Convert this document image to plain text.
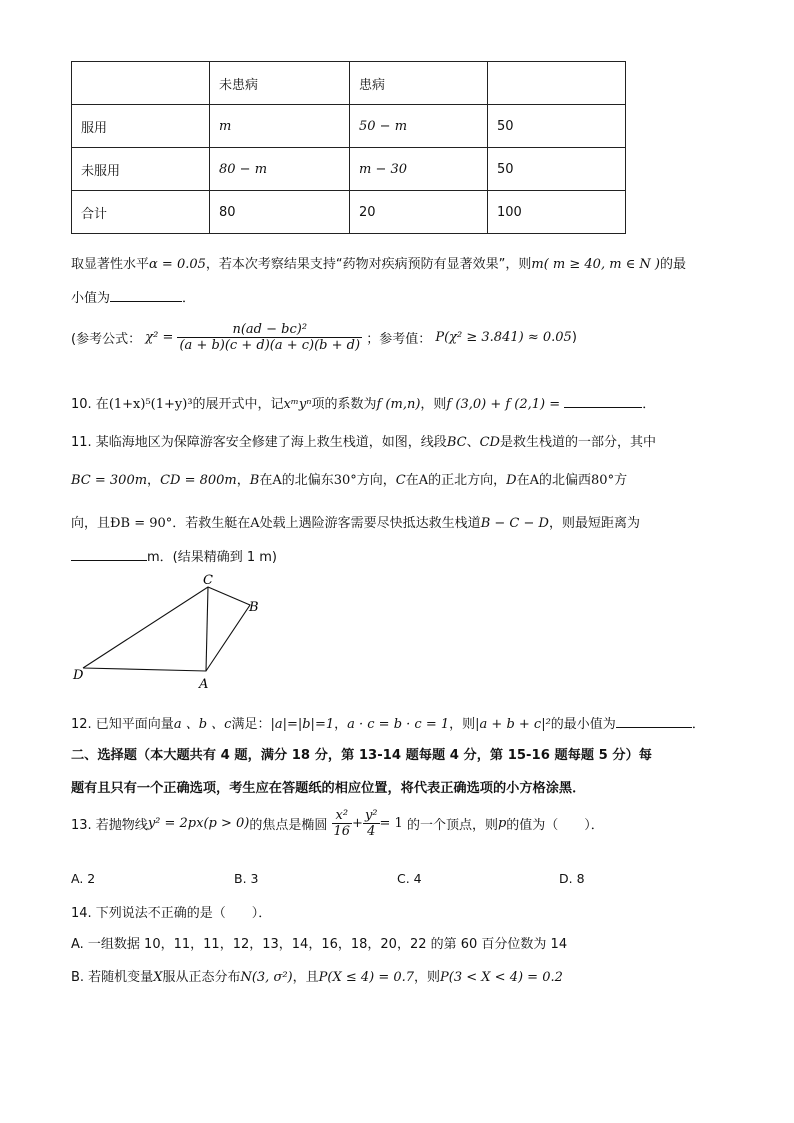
	未患病	患病	
服用	m	50 − m	50
未服用	80 − m	m − 30	50
合计	80	20	100
取显著性水平α = 0.05，若本次考察结果支持“药物对疾病预防有显著效果”，则m( m ≥ 40, m ∈ N )的最
小值为	．
(参考公式： $\chi^2 = \frac{\text{n(ad − bc)²}}{(a + b)(c + d)(a + c)(b + d)}$ ；参考值： P(χ² ≥ 3.841) ≈ 0.05)
10. 在(1+x)⁵(1+y)³的展开式中，记xᵐyⁿ项的系数为f (m,n)，则f (3,0) + f (2,1) =	．
11. 某临海地区为保障游客安全修建了海上救生栈道，如图，线段BC、CD是救生栈道的一部分，其中
BC = 300m，CD = 800m，B在A的北偏东30°方向，C在A的正北方向，D在A的北偏西80°方
向，且ÐB = 90°．若救生艇在A处载上遇险游客需要尽快抵达救生栈道B − C − D，则最短距离为
m．(结果精确到 1 m)
C
B
D
A
12. 已知平面向量a 、b 、c满足：|a|=|b|=1，a · c = b · c = 1，则|a + b + c|²的最小值为	．
二、选择题（本大题共有 4 题，满分 18 分，第 13-14 题每题 4 分，第 15-16 题每题 5 分）每
题有且只有一个正确选项，考生应在答题纸的相应位置，将代表正确选项的小方格涂黑．
13. 若抛物线y² = 2px(p > 0)的焦点是椭圆 $\frac{\text{x²}}{16} + \frac{\text{y²}}{4} = 1$ 的一个顶点，则p的值为（　　）．
A. 2	B. 3	C. 4	D. 8
14. 下列说法不正确的是（　　）．
A. 一组数据 10，11，11，12，13，14，16，18，20，22 的第 60 百分位数为 14
B. 若随机变量X服从正态分布N(3, σ²)，且P(X ≤ 4) = 0.7，则P(3 < X < 4) = 0.2
